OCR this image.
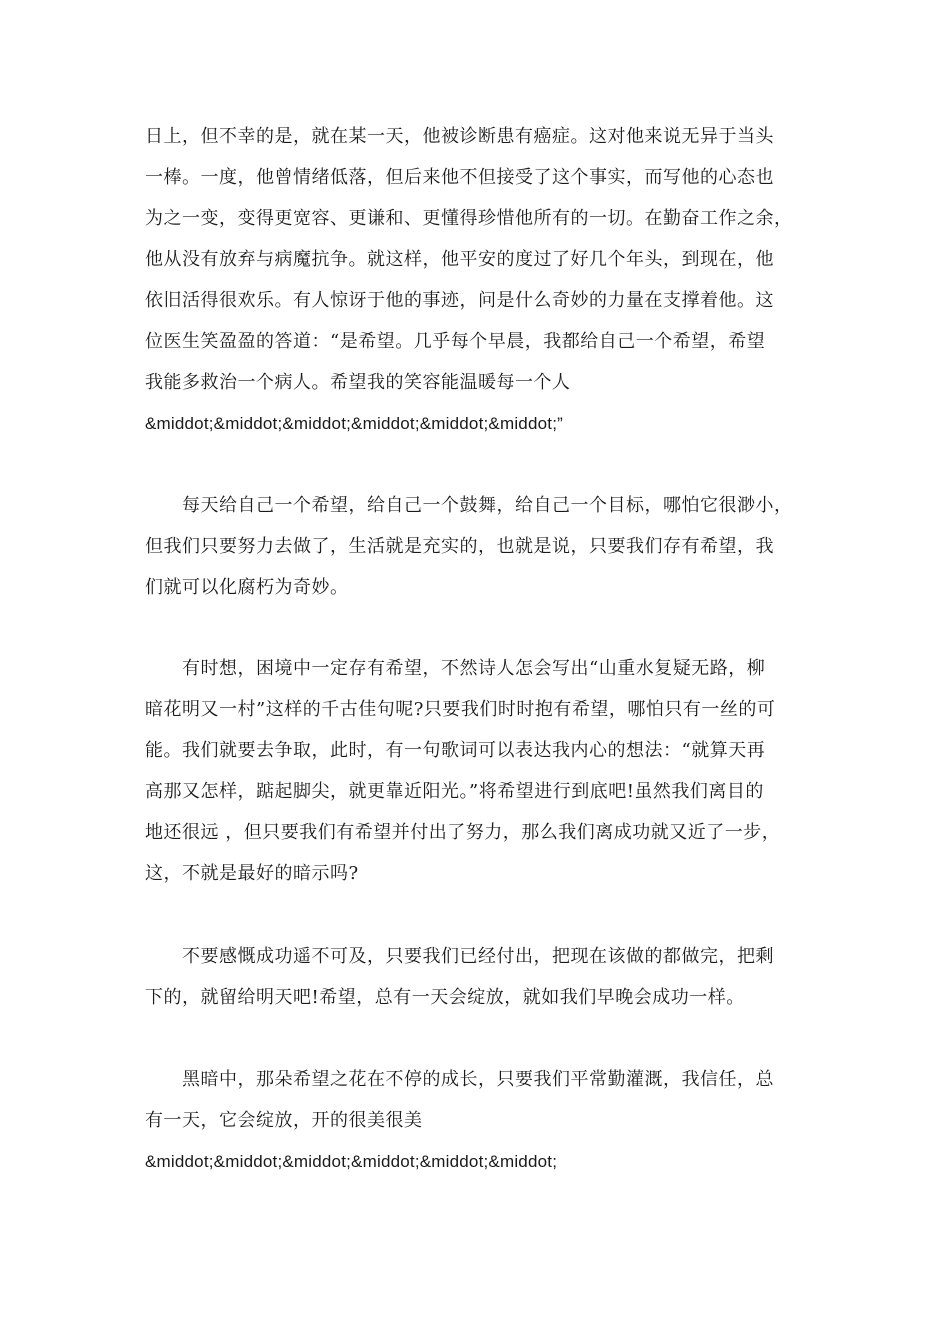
日上，但不幸的是，就在某一天，他被诊断患有癌症。这对他来说无异于当头
一棒。一度，他曾情绪低落，但后来他不但接受了这个事实，而写他的心态也
为之一变，变得更宽容、更谦和、更懂得珍惜他所有的一切。在勤奋工作之余，
他从没有放弃与病魔抗争。就这样，他平安的度过了好几个年头，到现在，他
依旧活得很欢乐。有人惊讶于他的事迹，问是什么奇妙的力量在支撑着他。这
位医生笑盈盈的答道：“是希望。几乎每个早晨，我都给自己一个希望，希望
我能多救治一个病人。希望我的笑容能温暖每一个人
&middot;&middot;&middot;&middot;&middot;&middot;”
每天给自己一个希望，给自己一个鼓舞，给自己一个目标，哪怕它很渺小，
但我们只要努力去做了，生活就是充实的，也就是说，只要我们存有希望，我
们就可以化腐朽为奇妙。
有时想，困境中一定存有希望，不然诗人怎会写出“山重水复疑无路，柳
暗花明又一村”这样的千古佳句呢?只要我们时时抱有希望，哪怕只有一丝的可
能。我们就要去争取，此时，有一句歌词可以表达我内心的想法：“就算天再
高那又怎样，踮起脚尖，就更靠近阳光。”将希望进行到底吧!虽然我们离目的
地还很远 ，但只要我们有希望并付出了努力，那么我们离成功就又近了一步，
这，不就是最好的暗示吗?
不要感慨成功遥不可及，只要我们已经付出，把现在该做的都做完，把剩
下的，就留给明天吧!希望，总有一天会绽放，就如我们早晚会成功一样。
黑暗中，那朵希望之花在不停的成长，只要我们平常勤灌溉，我信任，总
有一天，它会绽放，开的很美很美
&middot;&middot;&middot;&middot;&middot;&middot;
